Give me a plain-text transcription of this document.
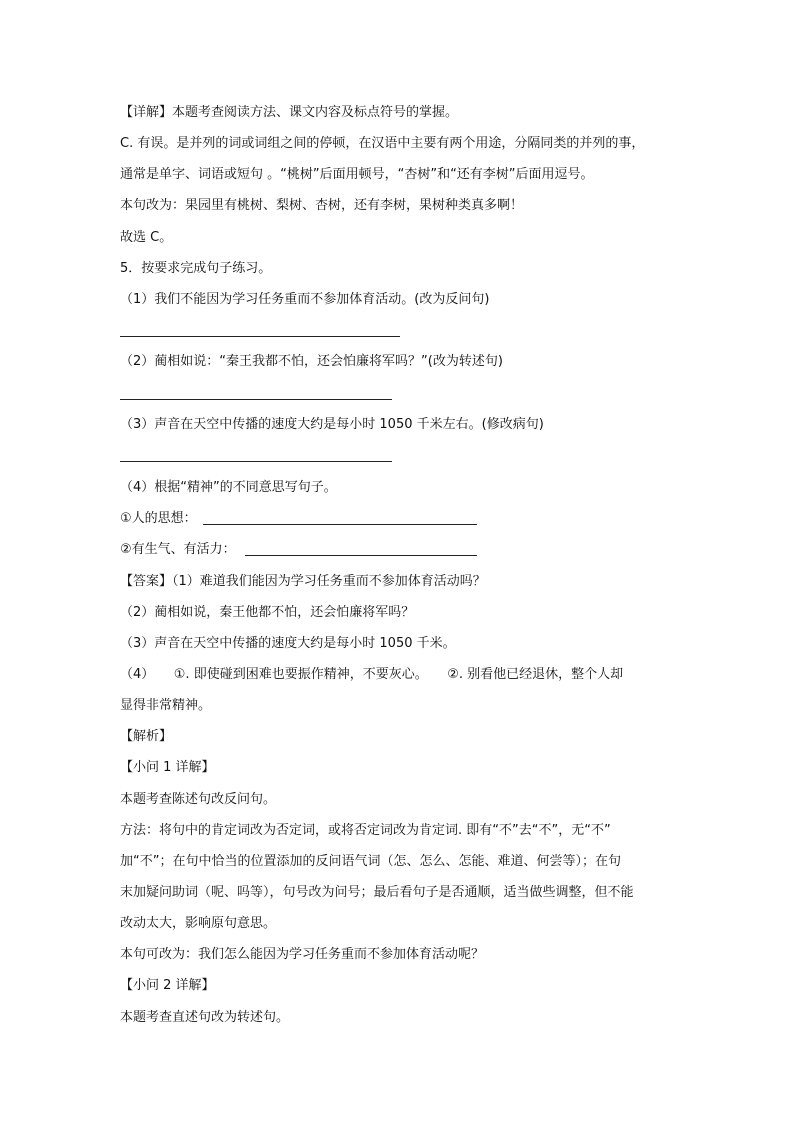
【详解】本题考查阅读方法、课文内容及标点符号的掌握。
C. 有误。是并列的词或词组之间的停顿，在汉语中主要有两个用途，分隔同类的并列的事，
通常是单字、词语或短句 。“桃树”后面用顿号，“杏树”和“还有李树”后面用逗号。
本句改为：果园里有桃树、梨树、杏树，还有李树，果树种类真多啊！
故选 C。
5．按要求完成句子练习。
（1）我们不能因为学习任务重而不参加体育活动。(改为反问句)
（2）蔺相如说：“秦王我都不怕，还会怕廉将军吗？”(改为转述句)
（3）声音在天空中传播的速度大约是每小时 1050 千米左右。(修改病句)
（4）根据“精神”的不同意思写句子。
①人的思想：
②有生气、有活力：
【答案】（1）难道我们能因为学习任务重而不参加体育活动吗？
（2）蔺相如说，秦王他都不怕，还会怕廉将军吗？
（3）声音在天空中传播的速度大约是每小时 1050 千米。
（4）　　①. 即使碰到困难也要振作精神，不要灰心。　　②. 别看他已经退休，整个人却
显得非常精神。
【解析】
【小问 1 详解】
本题考查陈述句改反问句。
方法：将句中的肯定词改为否定词，或将否定词改为肯定词. 即有“不”去“不”，无“不”
加“不”；在句中恰当的位置添加的反问语气词（怎、怎么、怎能、难道、何尝等）；在句
末加疑问助词（呢、吗等），句号改为问号；最后看句子是否通顺，适当做些调整，但不能
改动太大，影响原句意思。
本句可改为：我们怎么能因为学习任务重而不参加体育活动呢？
【小问 2 详解】
本题考查直述句改为转述句。
